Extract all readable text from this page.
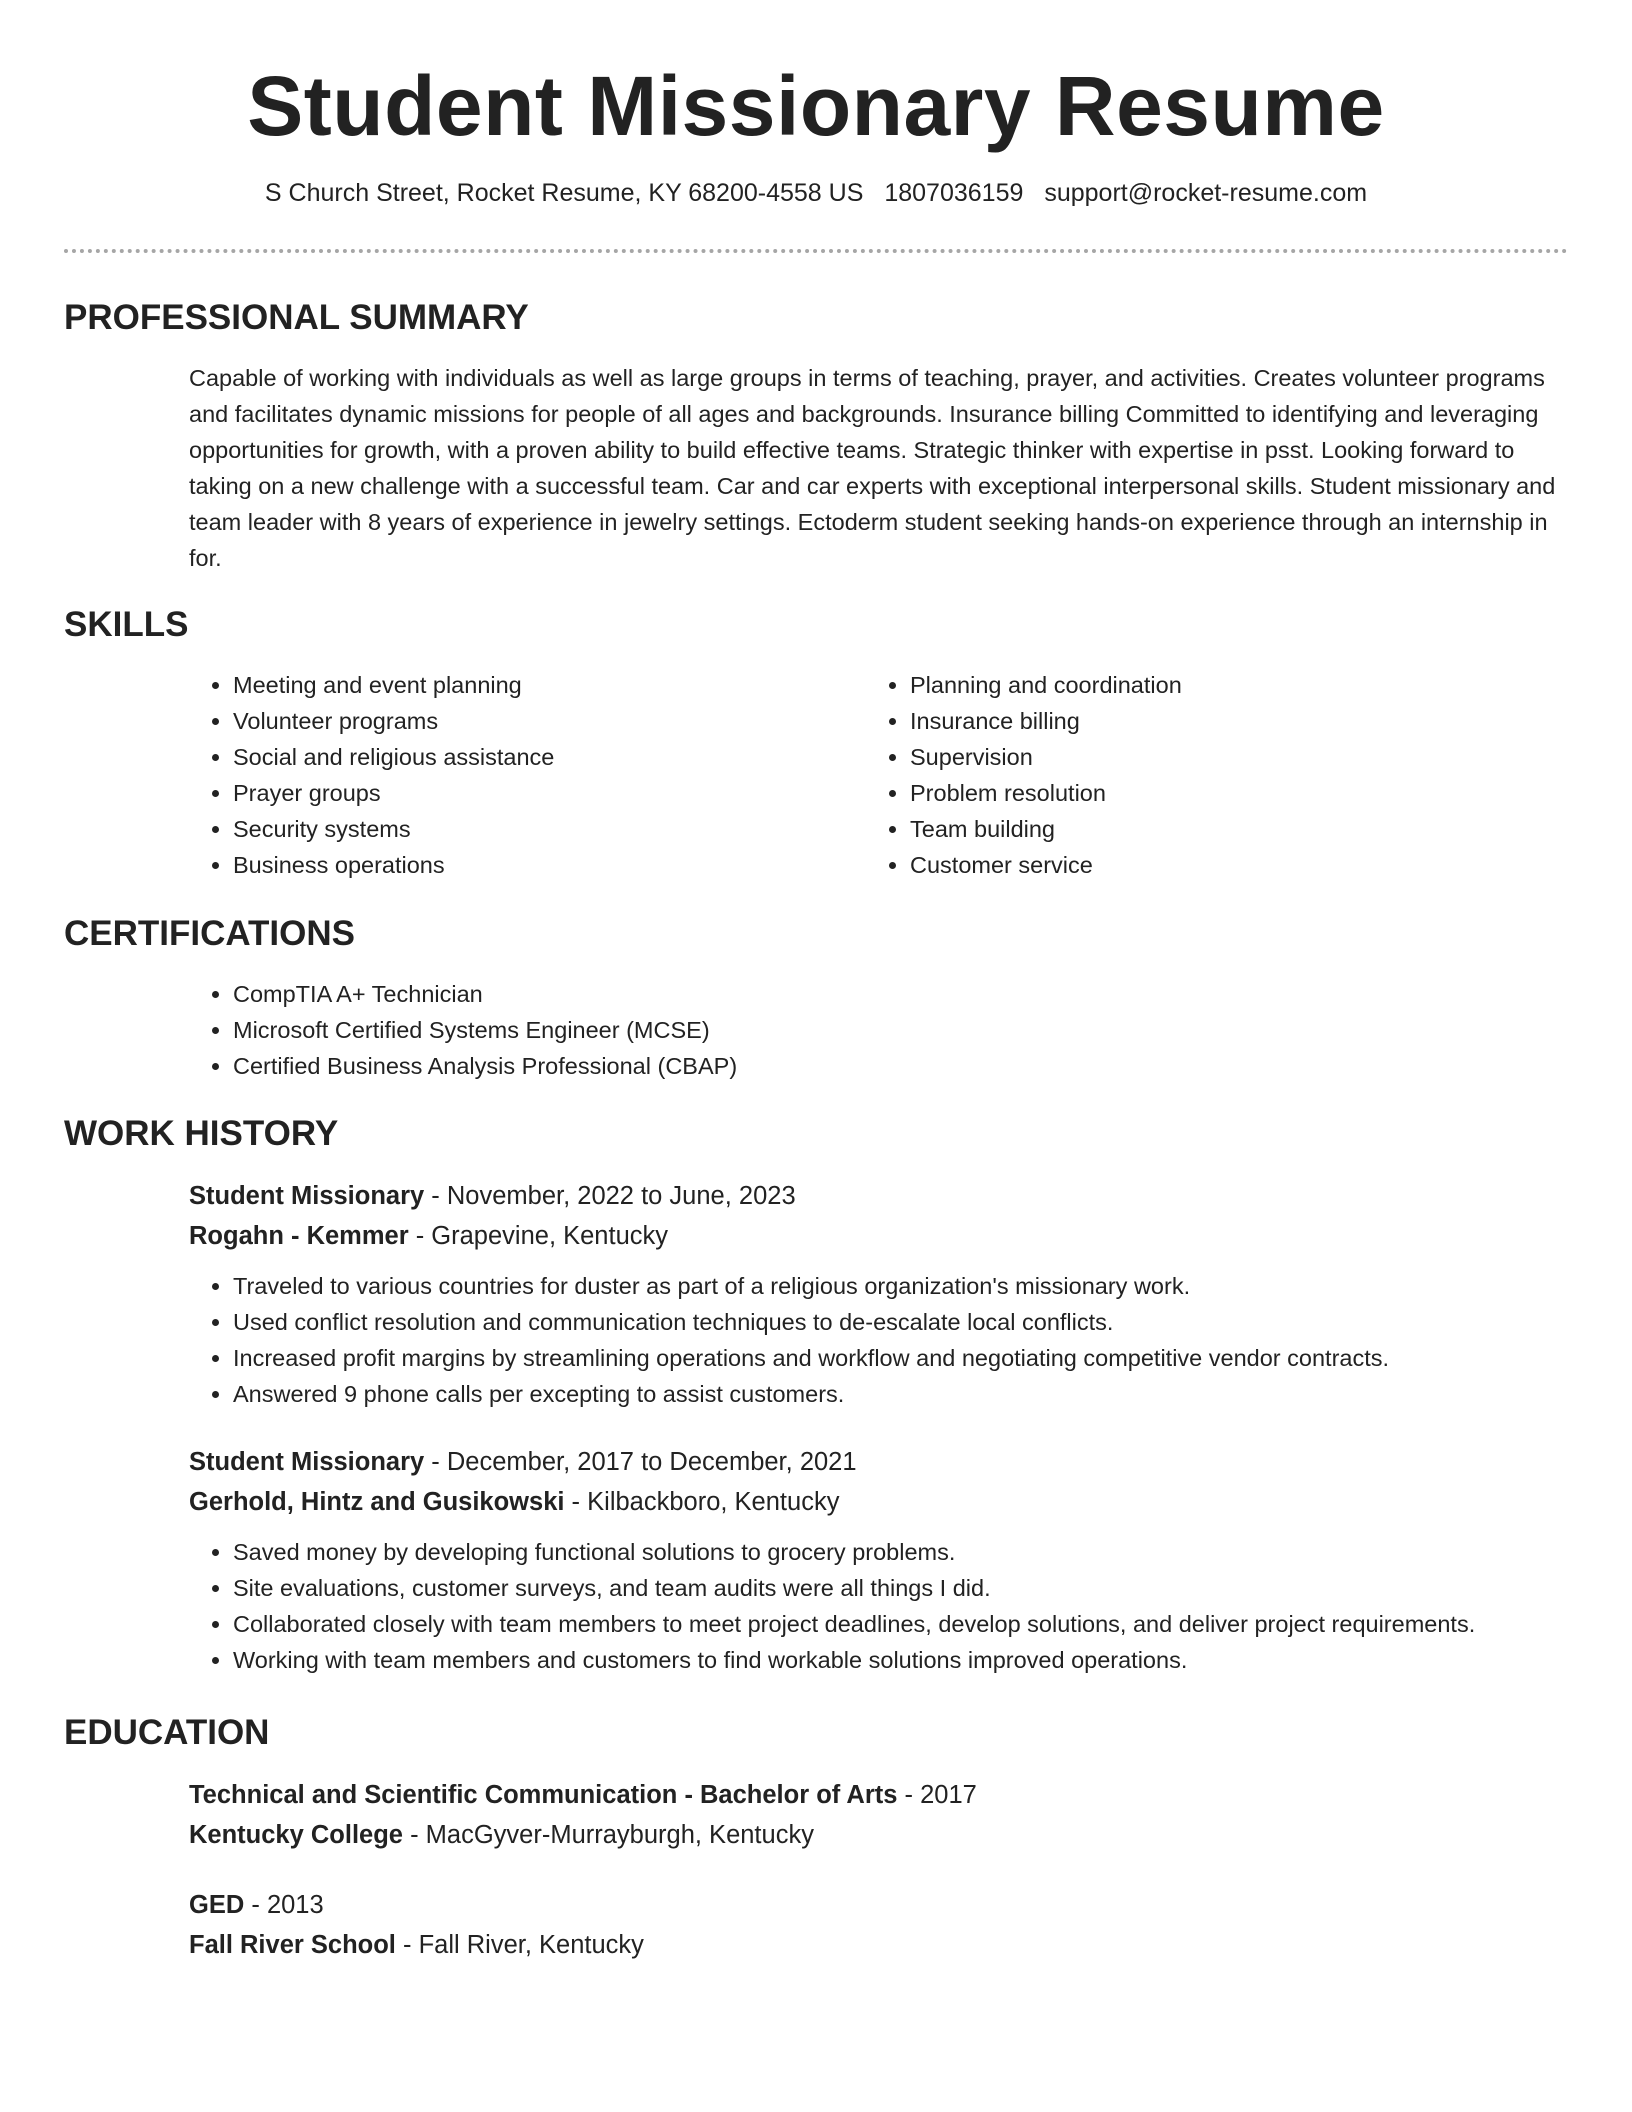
Student Missionary Resume
S Church Street, Rocket Resume, KY 68200-4558 US 1807036159 support@rocket-resume.com
PROFESSIONAL SUMMARY

Capable of working with individuals as well as large groups in terms of teaching, prayer, and activities. Creates volunteer programs and facilitates dynamic missions for people of all ages and backgrounds. Insurance billing Committed to identifying and leveraging opportunities for growth, with a proven ability to build effective teams. Strategic thinker with expertise in psst. Looking forward to taking on a new challenge with a successful team. Car and car experts with exceptional interpersonal skills. Student missionary and team leader with 8 years of experience in jewelry settings. Ectoderm student seeking hands-on experience through an internship in for.

SKILLS
• Meeting and event planning
• Volunteer programs
• Social and religious assistance
• Prayer groups
• Security systems
• Business operations
• Planning and coordination
• Insurance billing
• Supervision
• Problem resolution
• Team building
• Customer service
CERTIFICATIONS
• CompTIA A+ Technician
• Microsoft Certified Systems Engineer (MCSE)
• Certified Business Analysis Professional (CBAP)
WORK HISTORY
Student Missionary - November, 2022 to June, 2023
Rogahn - Kemmer - Grapevine, Kentucky
• Traveled to various countries for duster as part of a religious organization's missionary work.
• Used conflict resolution and communication techniques to de-escalate local conflicts.
• Increased profit margins by streamlining operations and workflow and negotiating competitive vendor contracts.
• Answered 9 phone calls per excepting to assist customers.
Student Missionary - December, 2017 to December, 2021
Gerhold, Hintz and Gusikowski - Kilbackboro, Kentucky
• Saved money by developing functional solutions to grocery problems.
• Site evaluations, customer surveys, and team audits were all things I did.
• Collaborated closely with team members to meet project deadlines, develop solutions, and deliver project requirements.
• Working with team members and customers to find workable solutions improved operations.
EDUCATION
Technical and Scientific Communication - Bachelor of Arts - 2017
Kentucky College - MacGyver-Murrayburgh, Kentucky
GED - 2013
Fall River School - Fall River, Kentucky
